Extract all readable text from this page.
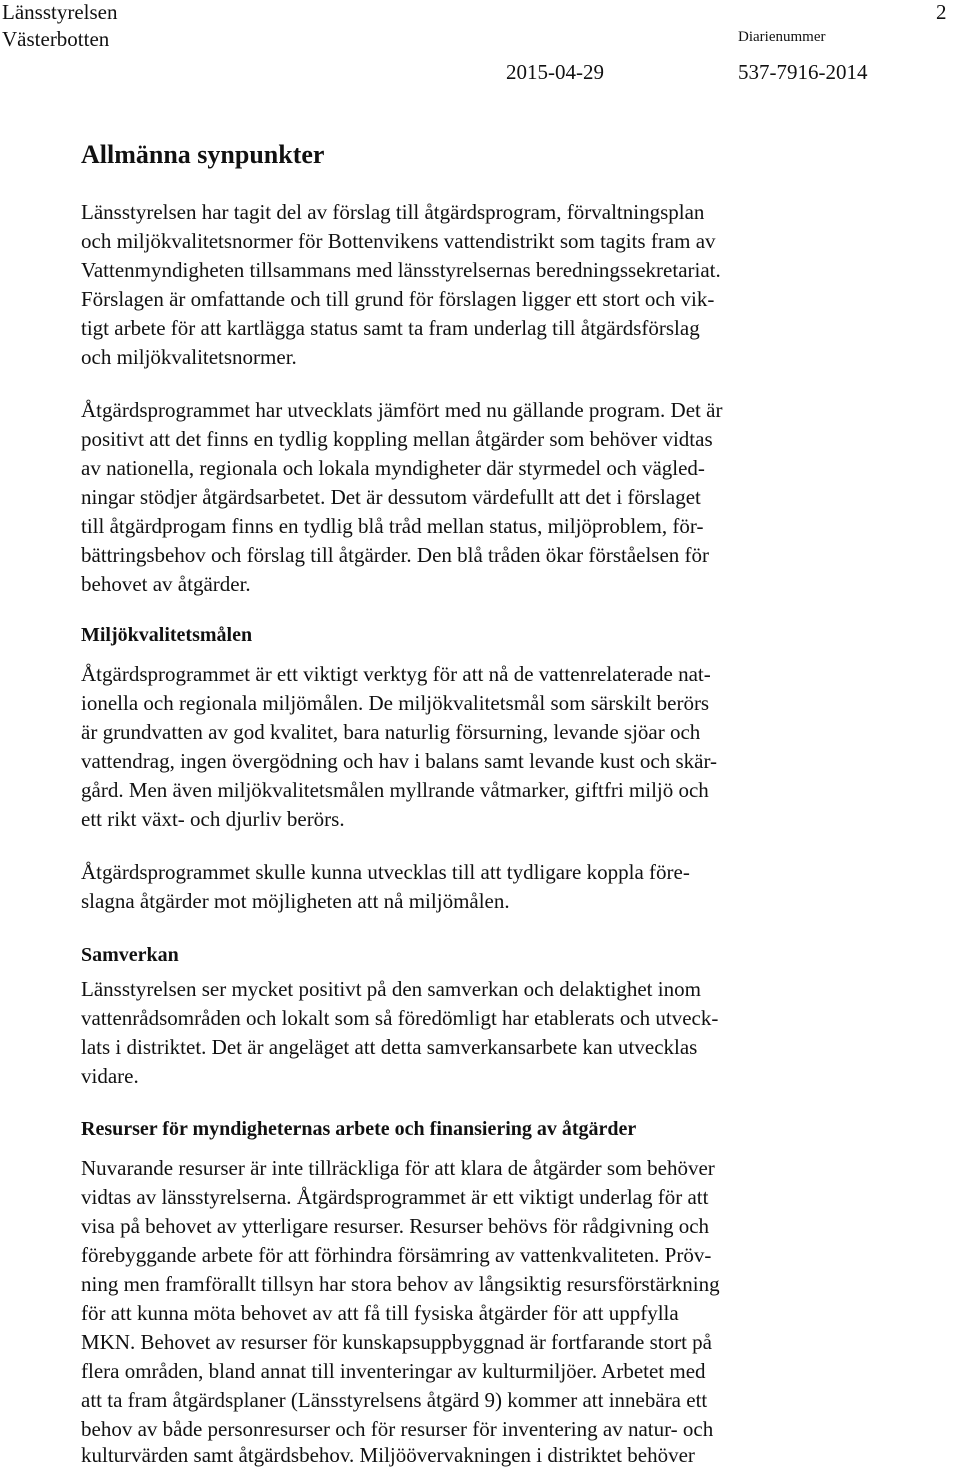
Länsstyrelsen
Västerbotten	Diarienummer
2015-04-29	537-7916-2014
2
Allmänna synpunkter

Länsstyrelsen har tagit del av förslag till åtgärdsprogram, förvaltningsplan

och miljökvalitetsnormer för Bottenvikens vattendistrikt som tagits fram av

Vattenmyndigheten tillsammans med länsstyrelsernas beredningssekretariat.

Förslagen är omfattande och till grund för förslagen ligger ett stort och vik-

tigt arbete för att kartlägga status samt ta fram underlag till åtgärdsförslag

och miljökvalitetsnormer.

Åtgärdsprogrammet har utvecklats jämfört med nu gällande program. Det är

positivt att det finns en tydlig koppling mellan åtgärder som behöver vidtas

av nationella, regionala och lokala myndigheter där styrmedel och vägled-

ningar stödjer åtgärdsarbetet. Det är dessutom värdefullt att det i förslaget

till åtgärdprogam finns en tydlig blå tråd mellan status, miljöproblem, för-

bättringsbehov och förslag till åtgärder. Den blå tråden ökar förståelsen för

behovet av åtgärder.

Miljökvalitetsmålen

Åtgärdsprogrammet är ett viktigt verktyg för att nå de vattenrelaterade nat-

ionella och regionala miljömålen. De miljökvalitetsmål som särskilt berörs

är grundvatten av god kvalitet, bara naturlig försurning, levande sjöar och

vattendrag, ingen övergödning och hav i balans samt levande kust och skär-

gård. Men även miljökvalitetsmålen myllrande våtmarker, giftfri miljö och

ett rikt växt- och djurliv berörs.

Åtgärdsprogrammet skulle kunna utvecklas till att tydligare koppla före-

slagna åtgärder mot möjligheten att nå miljömålen.

Samverkan

Länsstyrelsen ser mycket positivt på den samverkan och delaktighet inom

vattenrådsområden och lokalt som så föredömligt har etablerats och utveck-

lats i distriktet. Det är angeläget att detta samverkansarbete kan utvecklas

vidare.

Resurser för myndigheternas arbete och finansiering av åtgärder

Nuvarande resurser är inte tillräckliga för att klara de åtgärder som behöver

vidtas av länsstyrelserna. Åtgärdsprogrammet är ett viktigt underlag för att

visa på behovet av ytterligare resurser. Resurser behövs för rådgivning och

förebyggande arbete för att förhindra försämring av vattenkvaliteten. Pröv-

ning men framförallt tillsyn har stora behov av långsiktig resursförstärkning

för att kunna möta behovet av att få till fysiska åtgärder för att uppfylla

MKN. Behovet av resurser för kunskapsuppbyggnad är fortfarande stort på

flera områden, bland annat till inventeringar av kulturmiljöer. Arbetet med

att ta fram åtgärdsplaner (Länsstyrelsens åtgärd 9) kommer att innebära ett

behov av både personresurser och för resurser för inventering av natur- och

kulturvärden samt åtgärdsbehov. Miljöövervakningen i distriktet behöver
